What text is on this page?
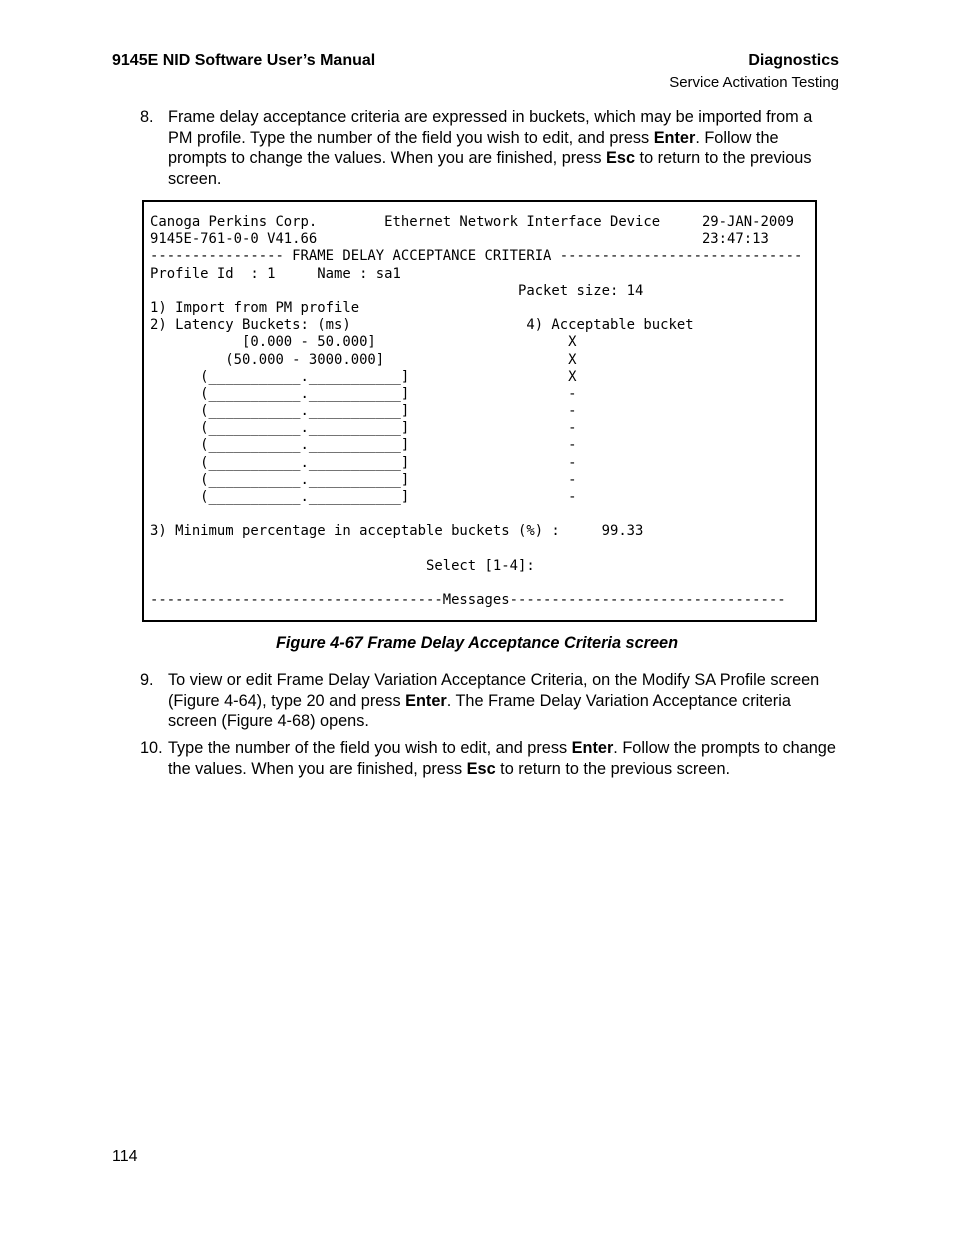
9145E NID Software User’s Manual	Diagnostics
Service Activation Testing
8. Frame delay acceptance criteria are expressed in buckets, which may be imported from a PM profile. Type the number of the field you wish to edit, and press Enter. Follow the prompts to change the values. When you are finished, press Esc to return to the previous screen.
Canoga Perkins Corp.        Ethernet Network Interface Device     29-JAN-2009
9145E-761-0-0 V41.66                                              23:47:13
---------------- FRAME DELAY ACCEPTANCE CRITERIA -----------------------------
Profile Id  : 1     Name : sa1
Packet size: 14
1) Import from PM profile
2) Latency Buckets: (ms)                     4) Acceptable bucket
[0.000 - 50.000]                       X
(50.000 - 3000.000]                      X
(___________.___________]                   X
(___________.___________]                   -
(___________.___________]                   -
(___________.___________]                   -
(___________.___________]                   -
(___________.___________]                   -
(___________.___________]                   -
(___________.___________]                   -
3) Minimum percentage in acceptable buckets (%) :     99.33
Select [1-4]:
-----------------------------------Messages---------------------------------
Figure 4-67 Frame Delay Acceptance Criteria screen
9. To view or edit Frame Delay Variation Acceptance Criteria, on the Modify SA Profile screen (Figure 4-64), type 20 and press Enter. The Frame Delay Variation Acceptance criteria screen (Figure 4-68) opens.
10. Type the number of the field you wish to edit, and press Enter. Follow the prompts to change the values. When you are finished, press Esc to return to the previous screen.
114
